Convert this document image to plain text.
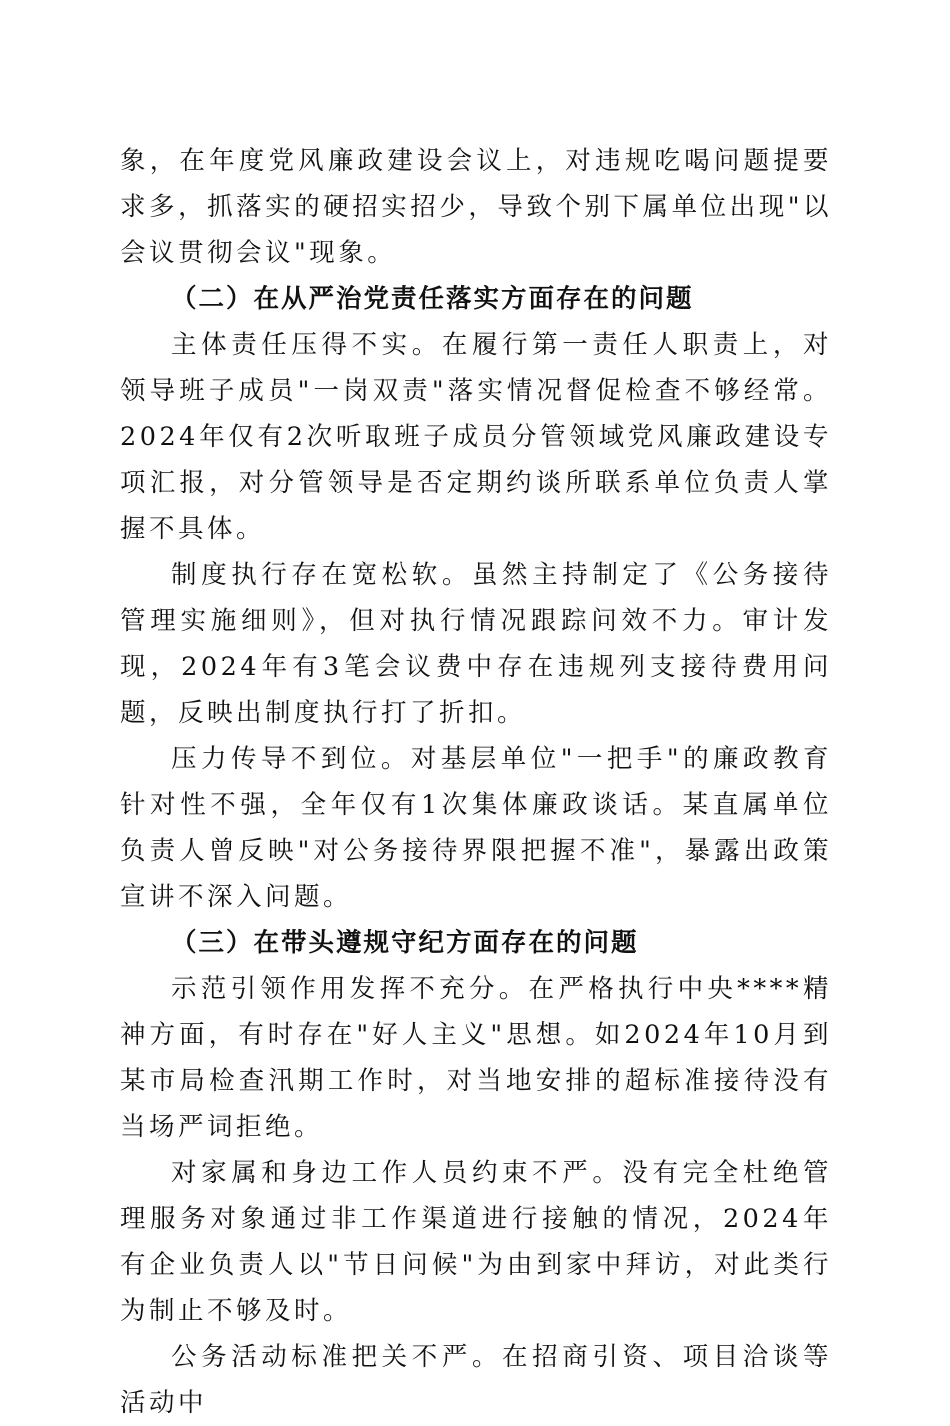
象，在年度党风廉政建设会议上，对违规吃喝问题提要求多，抓落实的硬招实招少，导致个别下属单位出现"以会议贯彻会议"现象。

（二）在从严治党责任落实方面存在的问题

主体责任压得不实。在履行第一责任人职责上，对领导班子成员"一岗双责"落实情况督促检查不够经常。2024年仅有2次听取班子成员分管领域党风廉政建设专项汇报，对分管领导是否定期约谈所联系单位负责人掌握不具体。

制度执行存在宽松软。虽然主持制定了《公务接待管理实施细则》，但对执行情况跟踪问效不力。审计发现，2024年有3笔会议费中存在违规列支接待费用问题，反映出制度执行打了折扣。

压力传导不到位。对基层单位"一把手"的廉政教育针对性不强，全年仅有1次集体廉政谈话。某直属单位负责人曾反映"对公务接待界限把握不准"，暴露出政策宣讲不深入问题。

（三）在带头遵规守纪方面存在的问题

示范引领作用发挥不充分。在严格执行中央****精神方面，有时存在"好人主义"思想。如2024年10月到某市局检查汛期工作时，对当地安排的超标准接待没有当场严词拒绝。

对家属和身边工作人员约束不严。没有完全杜绝管理服务对象通过非工作渠道进行接触的情况，2024年有企业负责人以"节日问候"为由到家中拜访，对此类行为制止不够及时。

公务活动标准把关不严。在招商引资、项目洽谈等活动中
